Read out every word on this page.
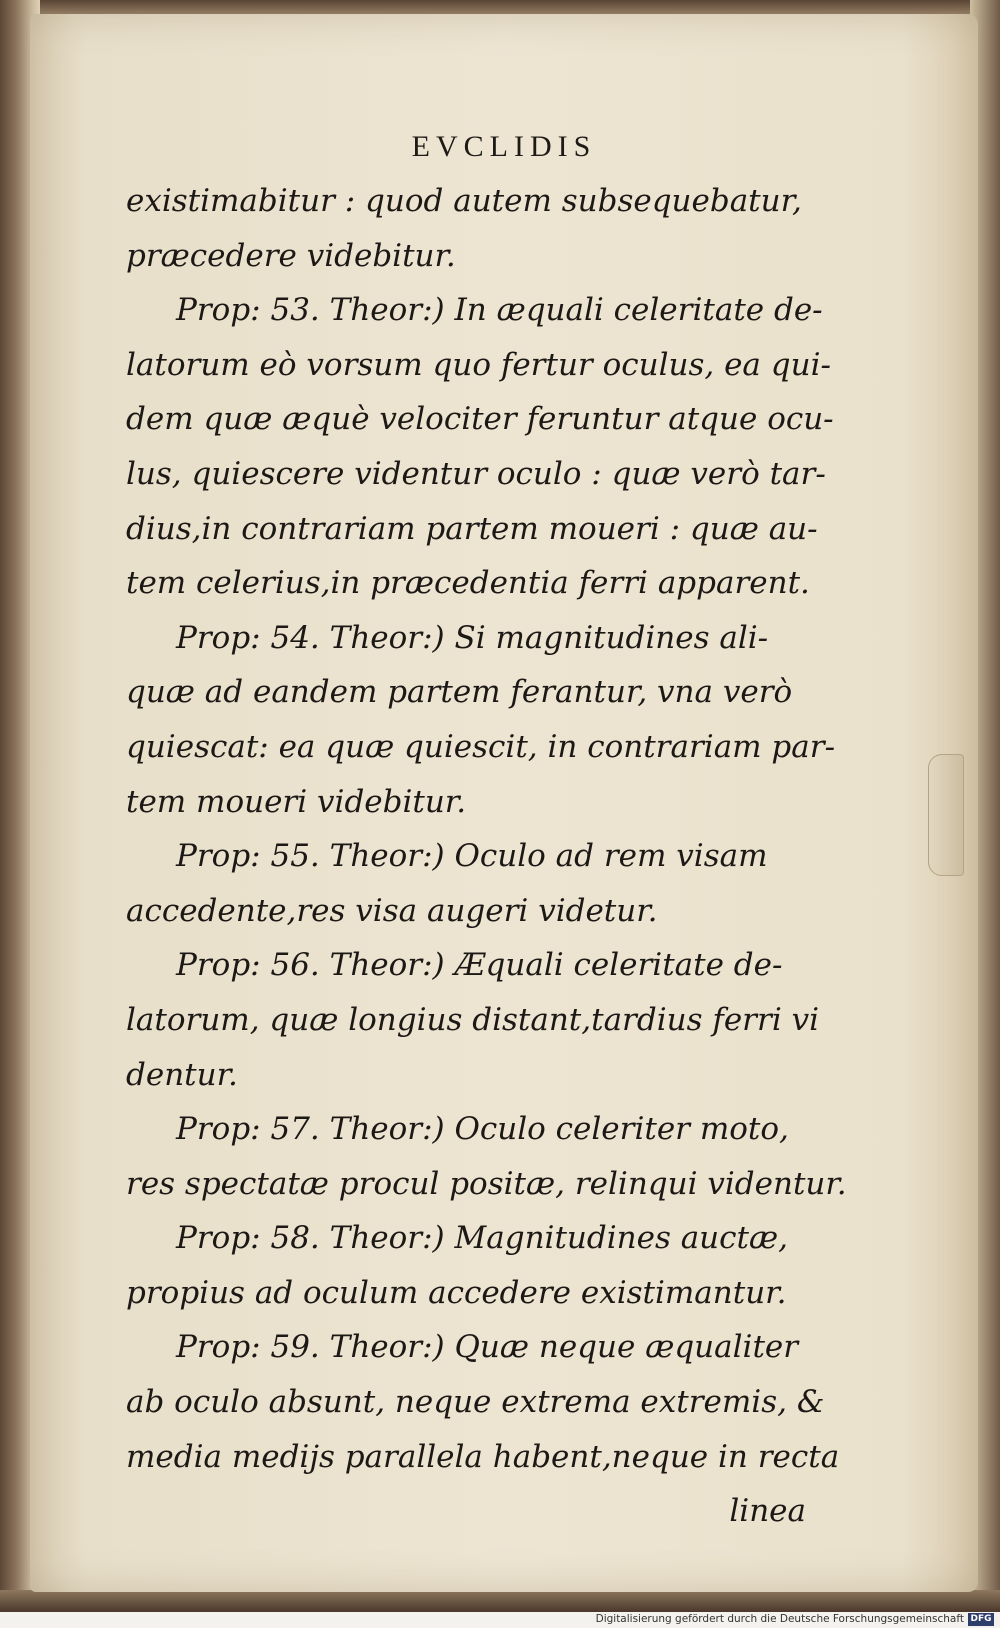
EVCLIDIS
existimabitur : quod autem subsequebatur,
præcedere videbitur.
Prop: 53. Theor:) In æquali celeritate de-
latorum eò vorsum quo fertur oculus, ea qui-
dem quæ æquè velociter feruntur atque ocu-
lus, quiescere videntur oculo : quæ verò tar-
dius,in contrariam partem moueri : quæ au-
tem celerius,in præcedentia ferri apparent.
Prop: 54. Theor:) Si magnitudines ali-
quæ ad eandem partem ferantur, vna verò
quiescat: ea quæ quiescit, in contrariam par-
tem moueri videbitur.
Prop: 55. Theor:) Oculo ad rem visam
accedente,res visa augeri videtur.
Prop: 56. Theor:) Æquali celeritate de-
latorum, quæ longius distant,tardius ferri vi
dentur.
Prop: 57. Theor:) Oculo celeriter moto,
res spectatæ procul positæ, relinqui videntur.
Prop: 58. Theor:) Magnitudines auctæ,
propius ad oculum accedere existimantur.
Prop: 59. Theor:) Quæ neque æqualiter
ab oculo absunt, neque extrema extremis, &
media medijs parallela habent,neque in recta
linea
Digitalisierung gefördert durch die Deutsche Forschungsgemeinschaft DFG
